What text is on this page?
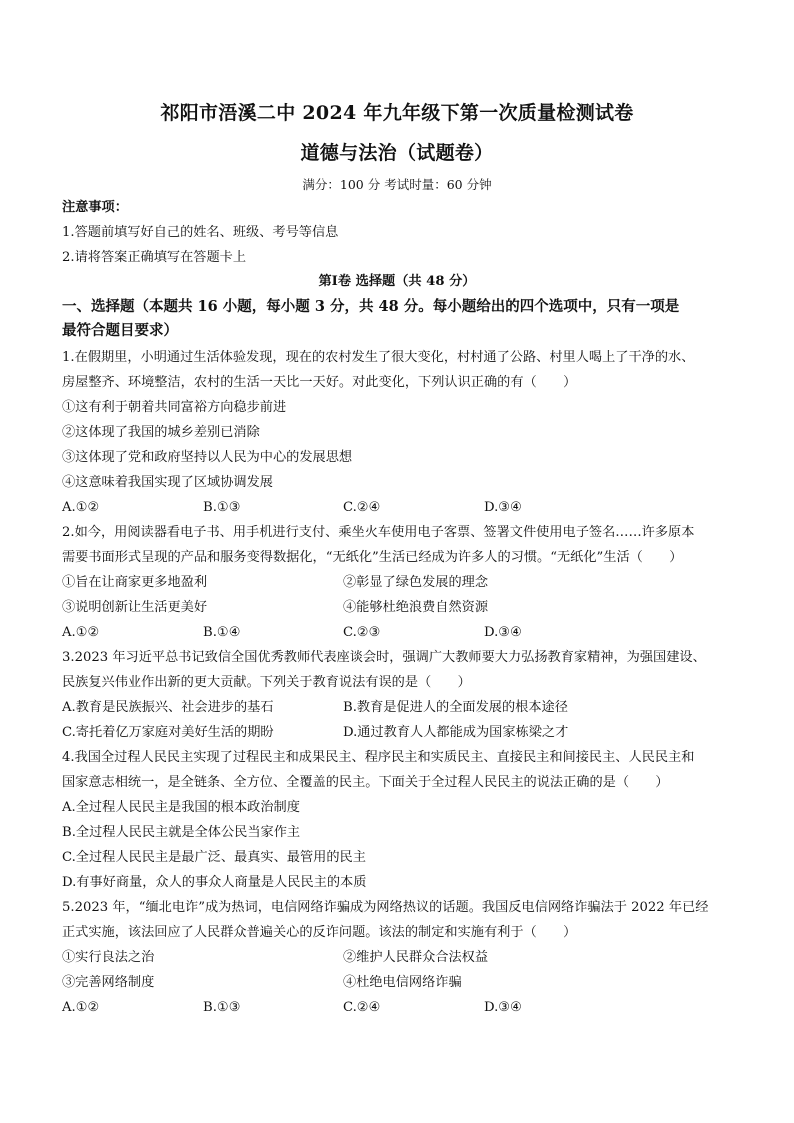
祁阳市浯溪二中 2024 年九年级下第一次质量检测试卷
道德与法治（试题卷）
满分：100 分 考试时量：60 分钟
注意事项：
1.答题前填写好自己的姓名、班级、考号等信息
2.请将答案正确填写在答题卡上
第Ⅰ卷 选择题（共 48 分）
一、选择题（本题共 16 小题，每小题 3 分，共 48 分。每小题给出的四个选项中，只有一项是
最符合题目要求）
1.在假期里，小明通过生活体验发现，现在的农村发生了很大变化，村村通了公路、村里人喝上了干净的水、
房屋整齐、环境整洁，农村的生活一天比一天好。对此变化，下列认识正确的有（　　）
①这有利于朝着共同富裕方向稳步前进
②这体现了我国的城乡差别已消除
③这体现了党和政府坚持以人民为中心的发展思想
④这意味着我国实现了区域协调发展
A.①②	B.①③	C.②④	D.③④
2.如今，用阅读器看电子书、用手机进行支付、乘坐火车使用电子客票、签署文件使用电子签名……许多原本
需要书面形式呈现的产品和服务变得数据化，“无纸化”生活已经成为许多人的习惯。“无纸化”生活（　　）
①旨在让商家更多地盈利	②彰显了绿色发展的理念
③说明创新让生活更美好	④能够杜绝浪费自然资源
A.①②	B.①④	C.②③	D.③④
3.2023 年习近平总书记致信全国优秀教师代表座谈会时，强调广大教师要大力弘扬教育家精神，为强国建设、
民族复兴伟业作出新的更大贡献。下列关于教育说法有误的是（　　）
A.教育是民族振兴、社会进步的基石	B.教育是促进人的全面发展的根本途径
C.寄托着亿万家庭对美好生活的期盼	D.通过教育人人都能成为国家栋梁之才
4.我国全过程人民民主实现了过程民主和成果民主、程序民主和实质民主、直接民主和间接民主、人民民主和
国家意志相统一，是全链条、全方位、全覆盖的民主。下面关于全过程人民民主的说法正确的是（　　）
A.全过程人民民主是我国的根本政治制度
B.全过程人民民主就是全体公民当家作主
C.全过程人民民主是最广泛、最真实、最管用的民主
D.有事好商量，众人的事众人商量是人民民主的本质
5.2023 年，“缅北电诈”成为热词，电信网络诈骗成为网络热议的话题。我国反电信网络诈骗法于 2022 年已经
正式实施，该法回应了人民群众普遍关心的反诈问题。该法的制定和实施有利于（　　）
①实行良法之治	②维护人民群众合法权益
③完善网络制度	④杜绝电信网络诈骗
A.①②	B.①③	C.②④	D.③④
